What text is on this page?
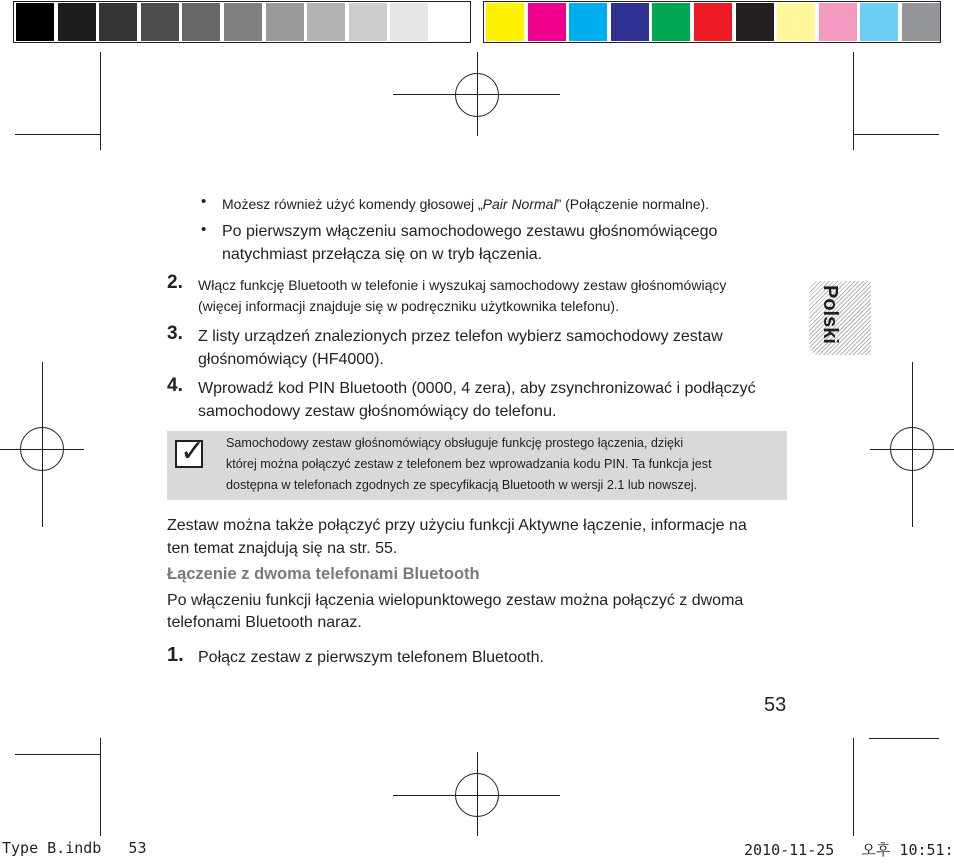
Polski
• Możesz również użyć komendy głosowej „Pair Normal” (Połączenie normalne).
• Po pierwszym włączeniu samochodowego zestawu głośnomówiącego
natychmiast przełącza się on w tryb łączenia.
2. Włącz funkcję Bluetooth w telefonie i wyszukaj samochodowy zestaw głośnomówiący
(więcej informacji znajduje się w podręczniku użytkownika telefonu).
3. Z listy urządzeń znalezionych przez telefon wybierz samochodowy zestaw
głośnomówiący (HF4000).
4. Wprowadź kod PIN Bluetooth (0000, 4 zera), aby zsynchronizować i podłączyć
samochodowy zestaw głośnomówiący do telefonu.
✓ Samochodowy zestaw głośnomówiący obsługuje funkcję prostego łączenia, dzięki
której można połączyć zestaw z telefonem bez wprowadzania kodu PIN. Ta funkcja jest
dostępna w telefonach zgodnych ze specyfikacją Bluetooth w wersji 2.1 lub nowszej.
Zestaw można także połączyć przy użyciu funkcji Aktywne łączenie, informacje na
ten temat znajdują się na str. 55.
Łączenie z dwoma telefonami Bluetooth
Po włączeniu funkcji łączenia wielopunktowego zestaw można połączyć z dwoma
telefonami Bluetooth naraz.
1. Połącz zestaw z pierwszym telefonem Bluetooth.
53
Type B.indb   53	2010-11-25   오후 10:51:
